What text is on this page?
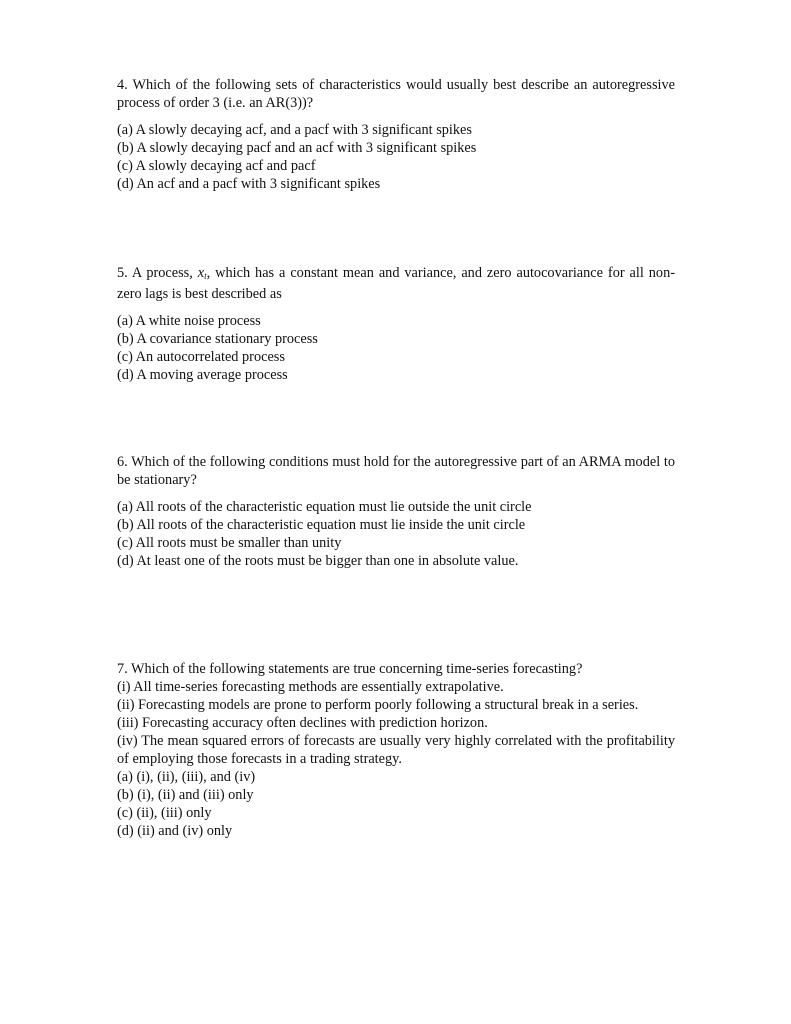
4. Which of the following sets of characteristics would usually best describe an autoregressive process of order 3 (i.e. an AR(3))?

(a) A slowly decaying acf, and a pacf with 3 significant spikes

(b) A slowly decaying pacf and an acf with 3 significant spikes

(c) A slowly decaying acf and pacf

(d) An acf and a pacf with 3 significant spikes

5. A process, $x_t$, which has a constant mean and variance, and zero autocovariance for all non-zero lags is best described as

(a) A white noise process

(b) A covariance stationary process

(c) An autocorrelated process

(d) A moving average process

6. Which of the following conditions must hold for the autoregressive part of an ARMA model to be stationary?

(a) All roots of the characteristic equation must lie outside the unit circle

(b) All roots of the characteristic equation must lie inside the unit circle

(c) All roots must be smaller than unity

(d) At least one of the roots must be bigger than one in absolute value.

7. Which of the following statements are true concerning time-series forecasting?

(i) All time-series forecasting methods are essentially extrapolative.

(ii) Forecasting models are prone to perform poorly following a structural break in a series.

(iii) Forecasting accuracy often declines with prediction horizon.

(iv) The mean squared errors of forecasts are usually very highly correlated with the profitability of employing those forecasts in a trading strategy.

(a) (i), (ii), (iii), and (iv)

(b) (i), (ii) and (iii) only

(c) (ii), (iii) only

(d) (ii) and (iv) only
